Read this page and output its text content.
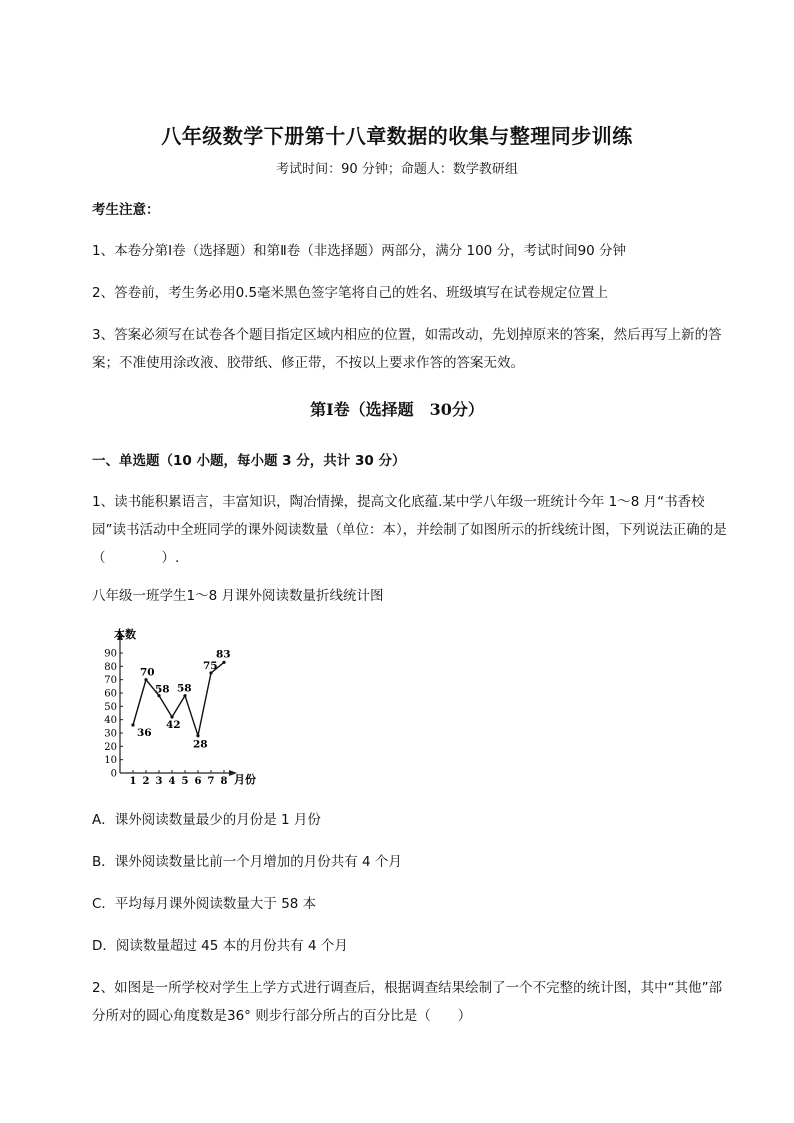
八年级数学下册第十八章数据的收集与整理同步训练
考试时间：90 分钟；命题人：数学教研组
考生注意：
1、本卷分第Ⅰ卷（选择题）和第Ⅱ卷（非选择题）两部分，满分 100 分，考试时间90 分钟
2、答卷前，考生务必用0.5毫米黑色签字笔将自己的姓名、班级填写在试卷规定位置上
3、答案必须写在试卷各个题目指定区域内相应的位置，如需改动，先划掉原来的答案，然后再写上新的答案；不准使用涂改液、胶带纸、修正带，不按以上要求作答的答案无效。
第Ⅰ卷（选择题　30分）
一、单选题（10 小题，每小题 3 分，共计 30 分）
1、读书能积累语言，丰富知识，陶冶情操，提高文化底蕴.某中学八年级一班统计今年 1～8 月“书香校园”读书活动中全班同学的课外阅读数量（单位：本），并绘制了如图所示的折线统计图，下列说法正确的是（	）.
八年级一班学生1～8 月课外阅读数量折线统计图
本数
月份
0
10
20
30
40
50
60
70
80
90
1 2 3 4 5 6 7 8
36
70
58
42
58
28
75
83
A．课外阅读数量最少的月份是 1 月份
B．课外阅读数量比前一个月增加的月份共有 4 个月
C．平均每月课外阅读数量大于 58 本
D．阅读数量超过 45 本的月份共有 4 个月
2、如图是一所学校对学生上学方式进行调查后，根据调查结果绘制了一个不完整的统计图，其中“其他”部分所对的圆心角度数是36° 则步行部分所占的百分比是（　　）
